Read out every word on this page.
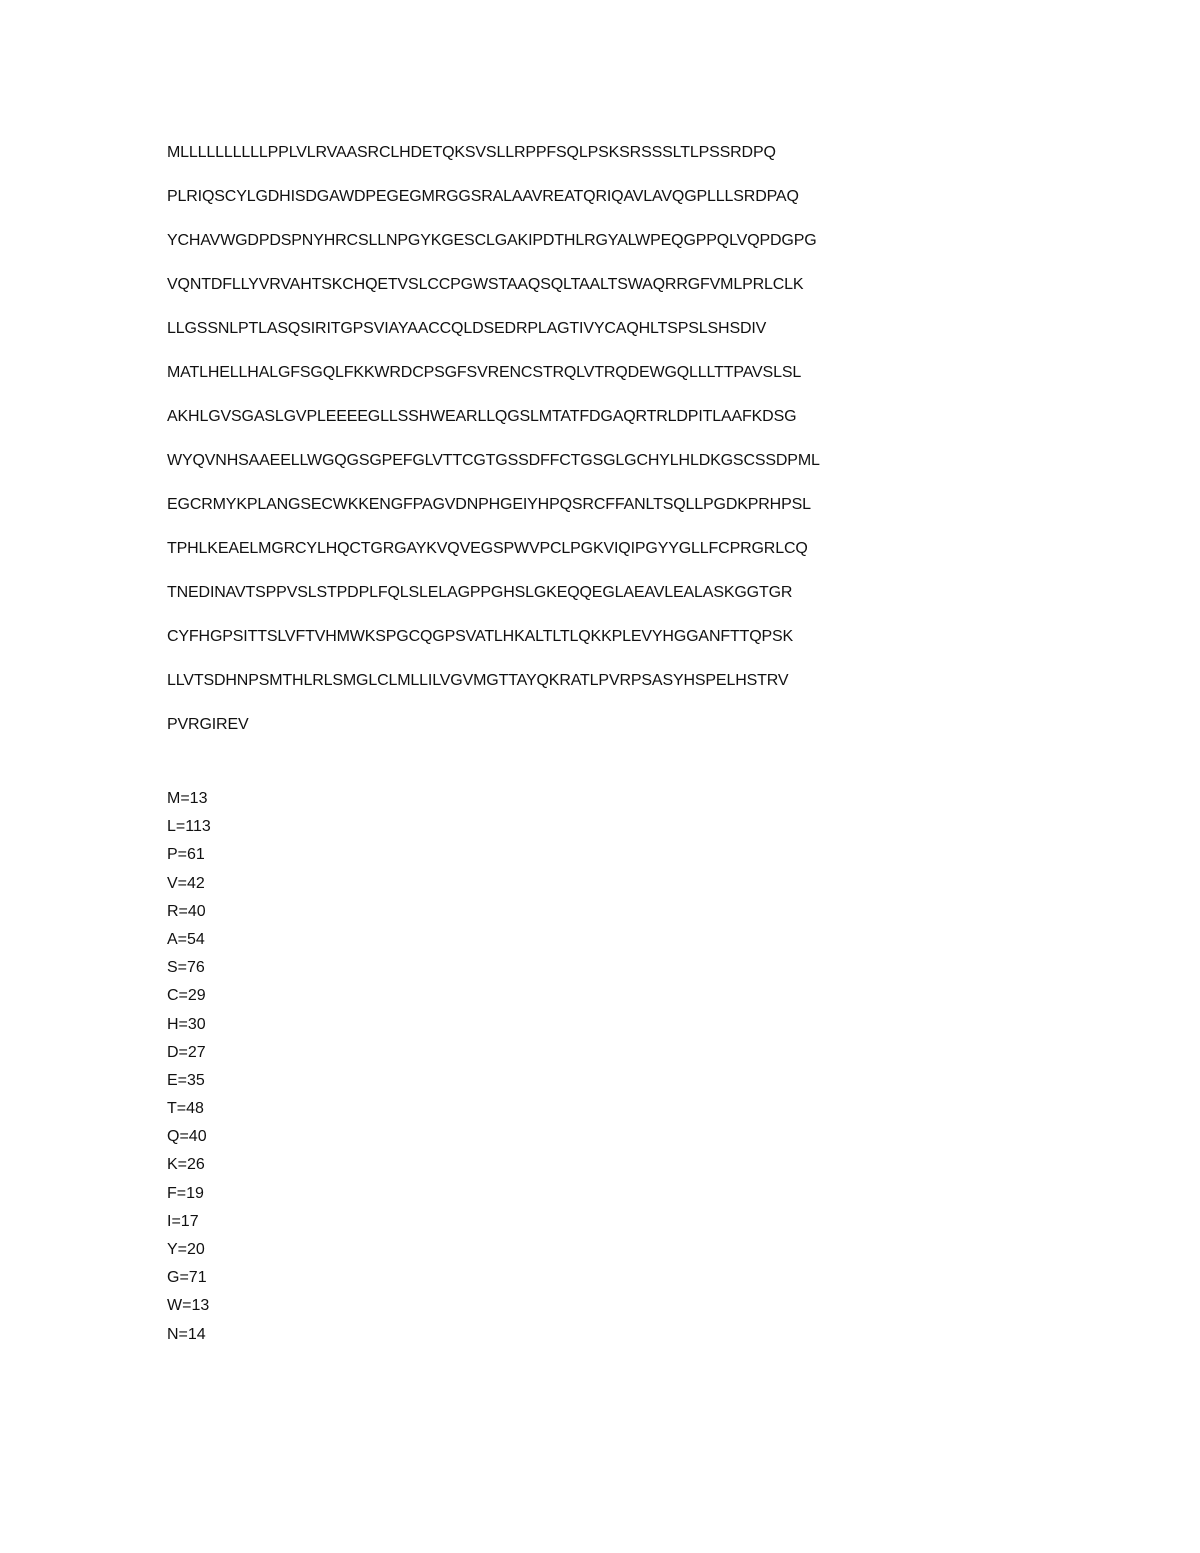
MLLLLLLLLLLPPLVLRVAASRCLHDETQKSVSLLRPPFSQLPSKSRSSSLTLPSSRDPQ
PLRIQSCYLGDHISDGAWDPEGEGMRGGSRALAAVREATQRIQAVLAVQGPLLLSRDPAQ
YCHAVWGDPDSPNYHRCSLLNPGYKGESCLGAKIPDTHLRGYALWPEQGPPQLVQPDGPG
VQNTDFLLYVRVAHTSKCHQETVSLCCPGWSTAAQSQLTAALTSWAQRRGFVMLPRLCLK
LLGSSNLPTLASQSIRITGPSVIAYAACCQLDSEDRPLAGTIVYCAQHLTSPSLSHSDIV
MATLHELLHALGFSGQLFKKWRDCPSGFSVRENCSTRQLVTRQDEWGQLLLTTPAVSLSL
AKHLGVSGASLGVPLEEEEGLLSSHWEARLLQGSLMTATFDGAQRTRLDPITLAAFKDSG
WYQVNHSAAEELLWGQGSGPEFGLVTTCGTGSSDFFCTGSGLGCHYLHLDKGSCSSDPML
EGCRMYKPLANGSECWKKENGFPAGVDNPHGEIYHPQSRCFFANLTSQLLPGDKPRHPSL
TPHLKEAELMGRCYLHQCTGRGAYKVQVEGSPWVPCLPGKVIQIPGYYGLLFCPRGRLCQ
TNEDINAVTSPPVSLSTPDPLFQLSLELAGPPGHSLGKEQQEGLAEAVLEALASKGGTGR
CYFHGPSITTSLVFTVHMWKSPGCQGPSVATLHKALTLTLQKKPLEVYHGGANFTTQPSK
LLVTSDHNPSMTHLRLSMGLCLMLLILVGVMGTTAYQKRATLPVRPSASYHSPELHSTRV
PVRGIREV
M=13
L=113
P=61
V=42
R=40
A=54
S=76
C=29
H=30
D=27
E=35
T=48
Q=40
K=26
F=19
I=17
Y=20
G=71
W=13
N=14
